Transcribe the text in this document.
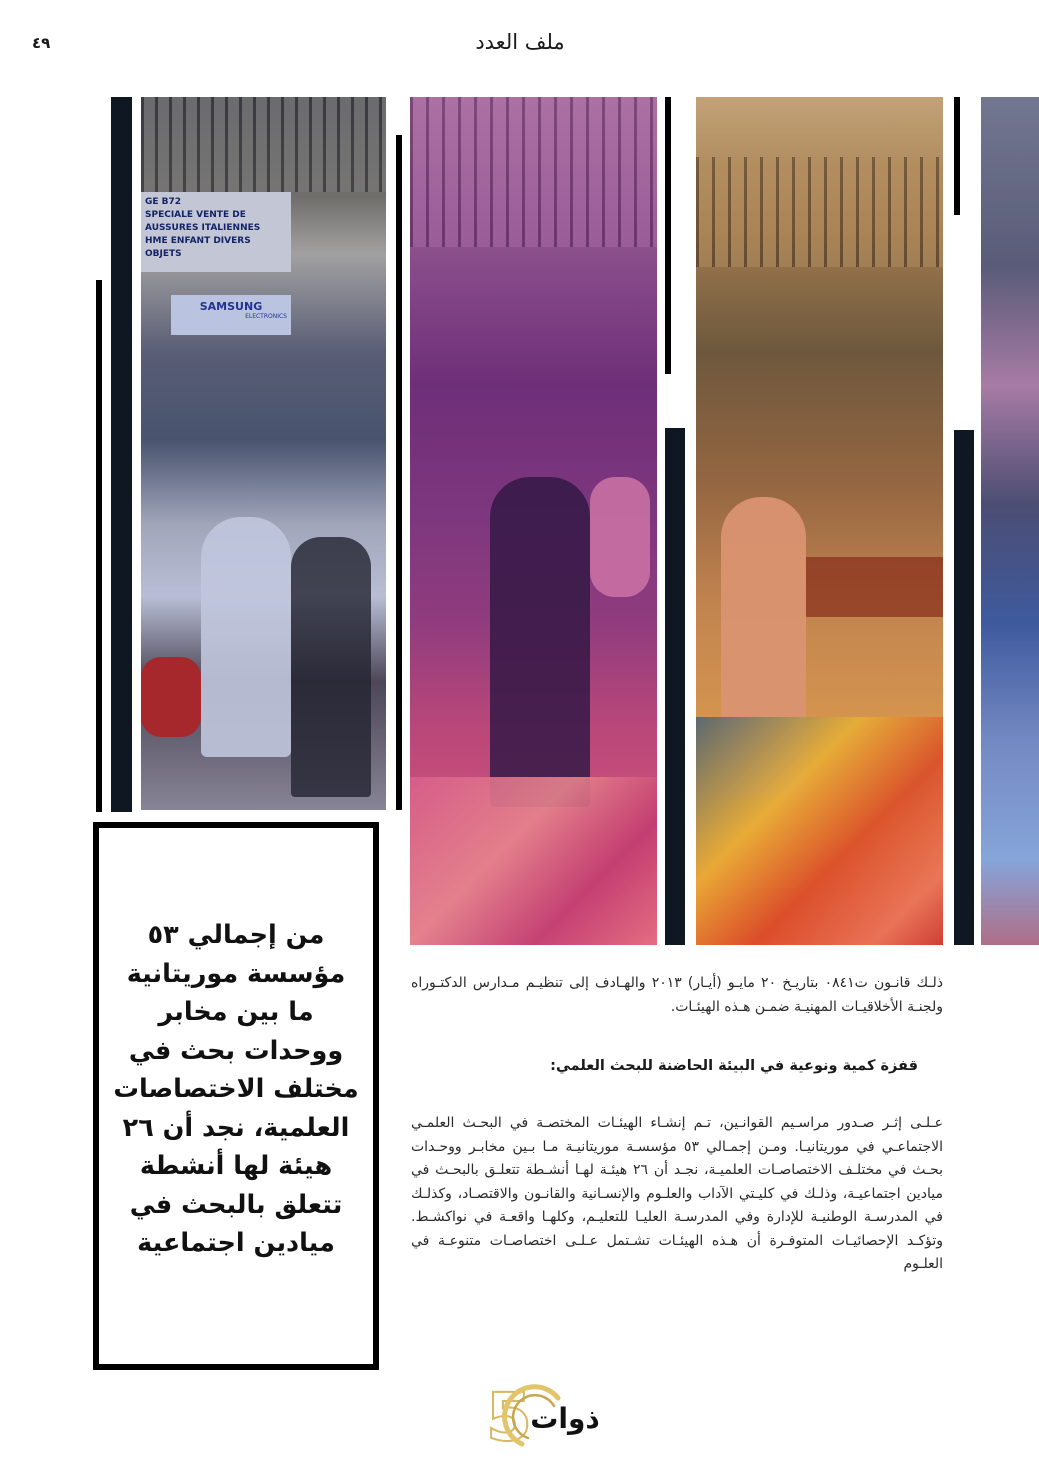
٤٩	ملف العدد
GE B72
SPECIALE VENTE DE
AUSSURES ITALIENNES
HME ENFANT DIVERS OBJETS
SAMSUNG
ELECTRONICS
من إجمالي ٥٣ مؤسسة موريتانية ما بين مخابر ووحدات بحث في مختلف الاختصاصات العلمية، نجد أن ٢٦ هيئة لها أنشطة تتعلق بالبحث في ميادين اجتماعية
ذلـك قانـون ت٠٨٤١ بتاريـخ ٢٠ مايـو (أيـار) ٢٠١٣ والهـادف إلى تنظيـم مـدارس الدكتـوراه ولجنـة الأخلاقيـات المهنيـة ضمـن هـذه الهيئـات.
قفزة كمية ونوعية في البيئة الحاضنة للبحث العلمي:
عـلـى إثـر صـدور مراسـيم القوانـين، تـم إنشـاء الهيئـات المختصـة في البحـث العلمـي الاجتماعـي في موريتانيـا. ومـن إجمـالي ٥٣ مؤسسـة موريتانيـة مـا بـين مخابـر ووحـدات بحـث في مختلـف الاختصاصـات العلميـة، نجـد أن ٢٦ هيئـة لهـا أنشـطة تتعلـق بالبحـث في ميادين اجتماعيـة، وذلـك في كليـتي الآداب والعلـوم والإنسـانية والقانـون والاقتصـاد، وكذلـك في المدرسـة الوطنيـة للإدارة وفي المدرسـة العليـا للتعليـم، وكلهـا واقعـة في نواكشـط. وتؤكـد الإحصائيـات المتوفـرة أن هـذه الهيئـات تشـتمل عـلـى اختصاصـات متنوعـة في العلـوم
5
ذوات
